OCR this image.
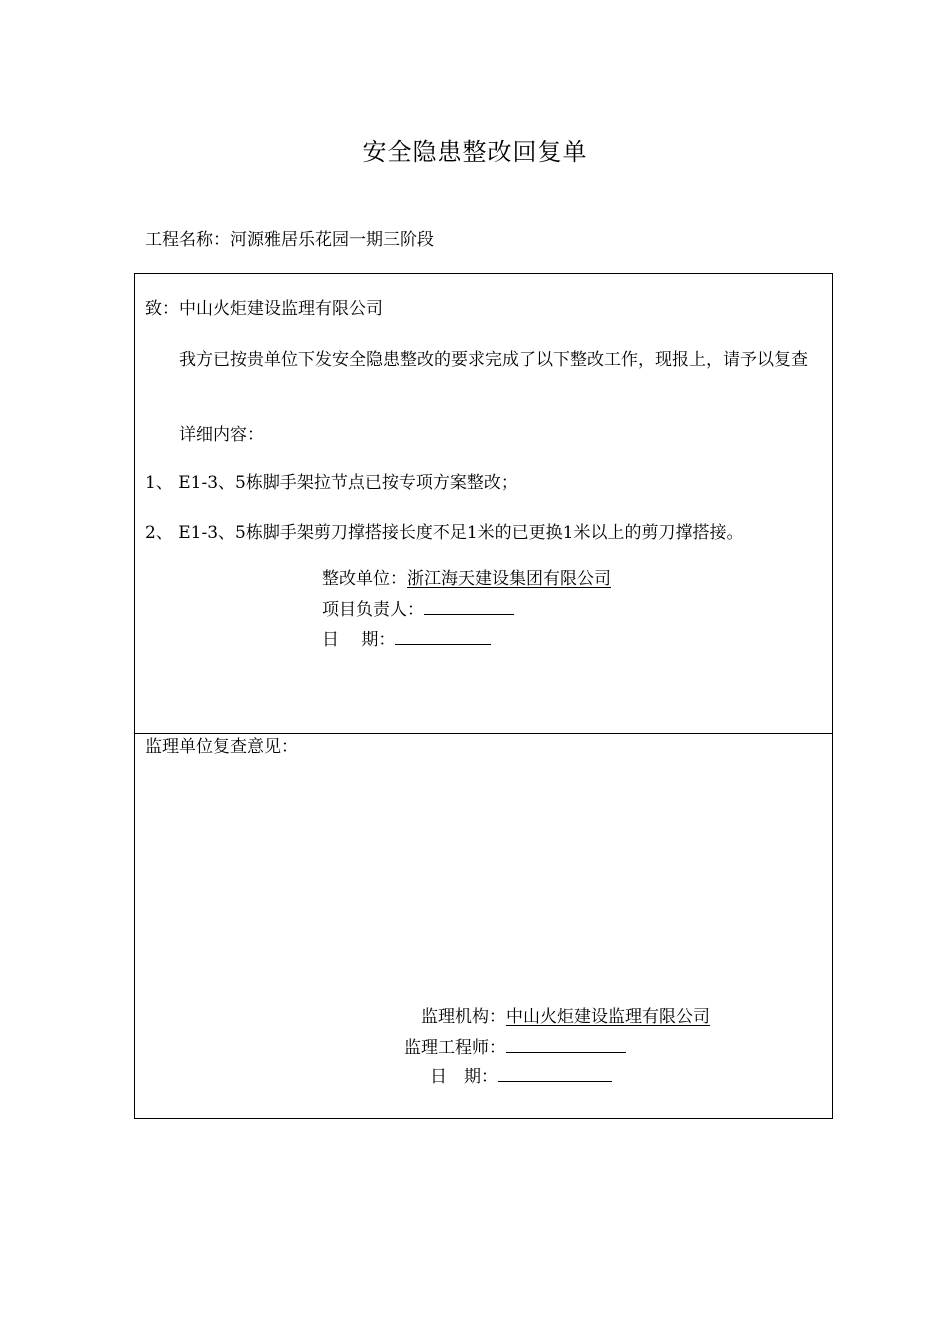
安全隐患整改回复单
工程名称：河源雅居乐花园一期三阶段
致：中山火炬建设监理有限公司
我方已按贵单位下发安全隐患整改的要求完成了以下整改工作，现报上，请予以复查
详细内容：
1、 E1-3、5栋脚手架拉节点已按专项方案整改；
2、 E1-3、5栋脚手架剪刀撑搭接长度不足1米的已更换1米以上的剪刀撑搭接。
整改单位：浙江海天建设集团有限公司
项目负责人：
日　 期：
监理单位复查意见：
监理机构：中山火炬建设监理有限公司
监理工程师：
日　期：
